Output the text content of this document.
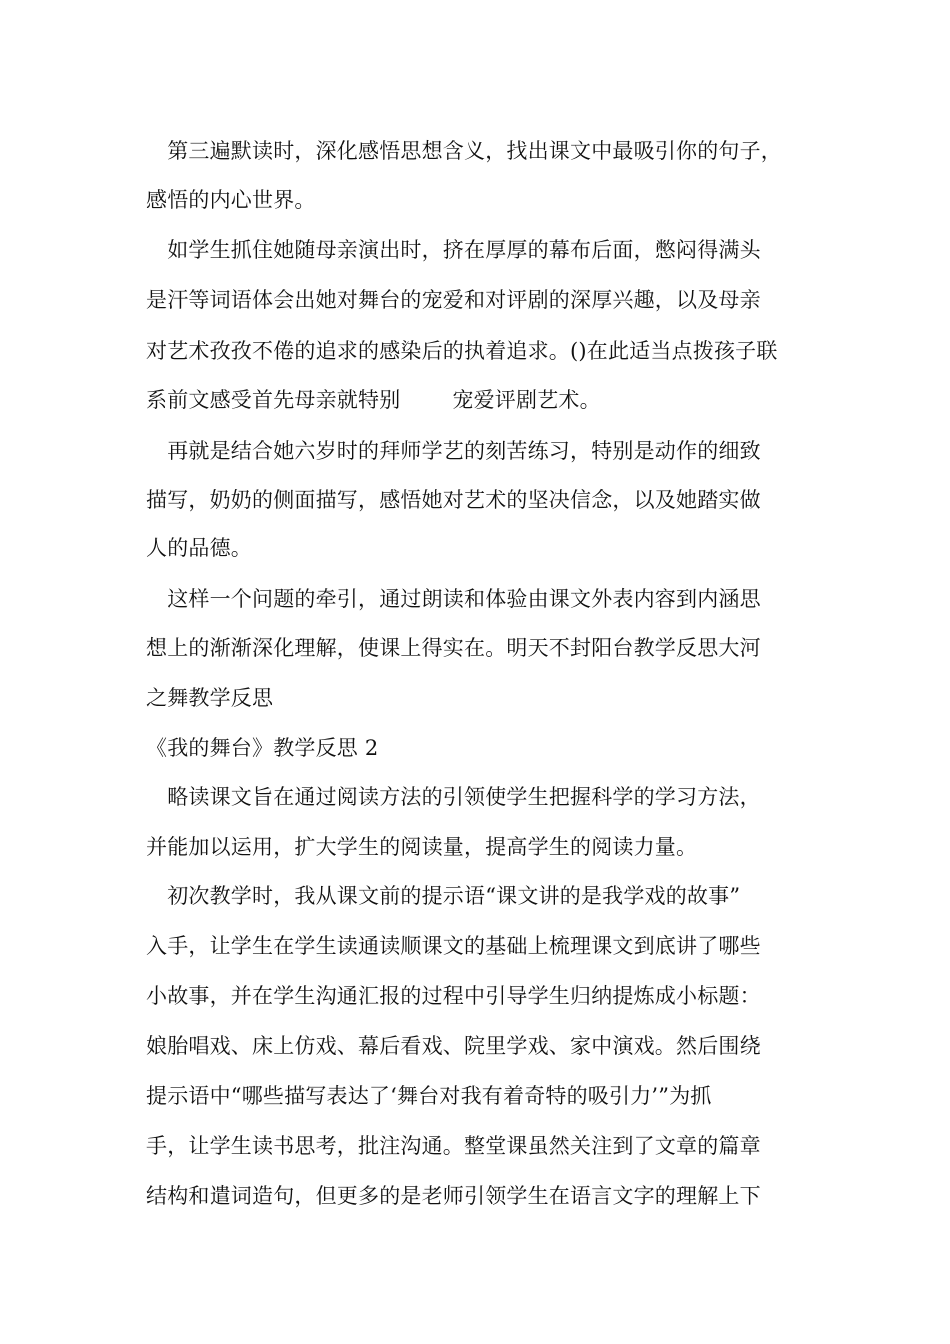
　第三遍默读时，深化感悟思想含义，找出课文中最吸引你的句子，
感悟的内心世界。
　如学生抓住她随母亲演出时，挤在厚厚的幕布后面，憋闷得满头
是汗等词语体会出她对舞台的宠爱和对评剧的深厚兴趣，以及母亲
对艺术孜孜不倦的追求的感染后的执着追求。()在此适当点拨孩子联
系前文感受首先母亲就特别 宠爱评剧艺术。
　再就是结合她六岁时的拜师学艺的刻苦练习，特别是动作的细致
描写，奶奶的侧面描写，感悟她对艺术的坚决信念，以及她踏实做
人的品德。
　这样一个问题的牵引，通过朗读和体验由课文外表内容到内涵思
想上的渐渐深化理解，使课上得实在。明天不封阳台教学反思大河
之舞教学反思
《我的舞台》教学反思 2
　略读课文旨在通过阅读方法的引领使学生把握科学的学习方法，
并能加以运用，扩大学生的阅读量，提高学生的阅读力量。
　初次教学时，我从课文前的提示语“课文讲的是我学戏的故事”
入手，让学生在学生读通读顺课文的基础上梳理课文到底讲了哪些
小故事，并在学生沟通汇报的过程中引导学生归纳提炼成小标题：
娘胎唱戏、床上仿戏、幕后看戏、院里学戏、家中演戏。然后围绕
提示语中“哪些描写表达了‘舞台对我有着奇特的吸引力’”为抓
手，让学生读书思考，批注沟通。整堂课虽然关注到了文章的篇章
结构和遣词造句，但更多的是老师引领学生在语言文字的理解上下
